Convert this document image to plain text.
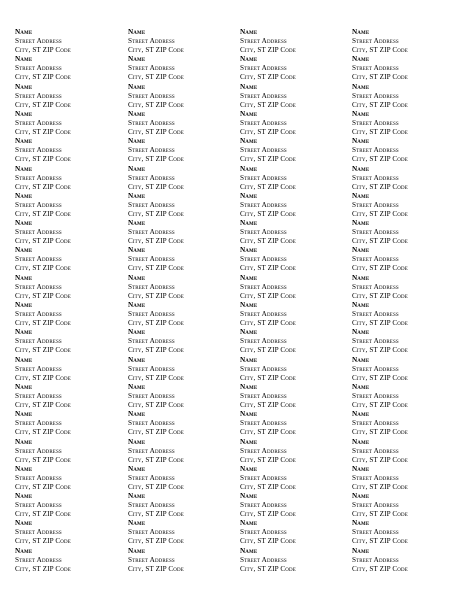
Name
Street Address
City, ST ZIP Code
Name
Street Address
City, ST ZIP Code
Name
Street Address
City, ST ZIP Code
Name
Street Address
City, ST ZIP Code
Name
Street Address
City, ST ZIP Code
Name
Street Address
City, ST ZIP Code
Name
Street Address
City, ST ZIP Code
Name
Street Address
City, ST ZIP Code
Name
Street Address
City, ST ZIP Code
Name
Street Address
City, ST ZIP Code
Name
Street Address
City, ST ZIP Code
Name
Street Address
City, ST ZIP Code
Name
Street Address
City, ST ZIP Code
Name
Street Address
City, ST ZIP Code
Name
Street Address
City, ST ZIP Code
Name
Street Address
City, ST ZIP Code
Name
Street Address
City, ST ZIP Code
Name
Street Address
City, ST ZIP Code
Name
Street Address
City, ST ZIP Code
Name
Street Address
City, ST ZIP Code
Name
Street Address
City, ST ZIP Code
Name
Street Address
City, ST ZIP Code
Name
Street Address
City, ST ZIP Code
Name
Street Address
City, ST ZIP Code
Name
Street Address
City, ST ZIP Code
Name
Street Address
City, ST ZIP Code
Name
Street Address
City, ST ZIP Code
Name
Street Address
City, ST ZIP Code
Name
Street Address
City, ST ZIP Code
Name
Street Address
City, ST ZIP Code
Name
Street Address
City, ST ZIP Code
Name
Street Address
City, ST ZIP Code
Name
Street Address
City, ST ZIP Code
Name
Street Address
City, ST ZIP Code
Name
Street Address
City, ST ZIP Code
Name
Street Address
City, ST ZIP Code
Name
Street Address
City, ST ZIP Code
Name
Street Address
City, ST ZIP Code
Name
Street Address
City, ST ZIP Code
Name
Street Address
City, ST ZIP Code
Name
Street Address
City, ST ZIP Code
Name
Street Address
City, ST ZIP Code
Name
Street Address
City, ST ZIP Code
Name
Street Address
City, ST ZIP Code
Name
Street Address
City, ST ZIP Code
Name
Street Address
City, ST ZIP Code
Name
Street Address
City, ST ZIP Code
Name
Street Address
City, ST ZIP Code
Name
Street Address
City, ST ZIP Code
Name
Street Address
City, ST ZIP Code
Name
Street Address
City, ST ZIP Code
Name
Street Address
City, ST ZIP Code
Name
Street Address
City, ST ZIP Code
Name
Street Address
City, ST ZIP Code
Name
Street Address
City, ST ZIP Code
Name
Street Address
City, ST ZIP Code
Name
Street Address
City, ST ZIP Code
Name
Street Address
City, ST ZIP Code
Name
Street Address
City, ST ZIP Code
Name
Street Address
City, ST ZIP Code
Name
Street Address
City, ST ZIP Code
Name
Street Address
City, ST ZIP Code
Name
Street Address
City, ST ZIP Code
Name
Street Address
City, ST ZIP Code
Name
Street Address
City, ST ZIP Code
Name
Street Address
City, ST ZIP Code
Name
Street Address
City, ST ZIP Code
Name
Street Address
City, ST ZIP Code
Name
Street Address
City, ST ZIP Code
Name
Street Address
City, ST ZIP Code
Name
Street Address
City, ST ZIP Code
Name
Street Address
City, ST ZIP Code
Name
Street Address
City, ST ZIP Code
Name
Street Address
City, ST ZIP Code
Name
Street Address
City, ST ZIP Code
Name
Street Address
City, ST ZIP Code
Name
Street Address
City, ST ZIP Code
Name
Street Address
City, ST ZIP Code
Name
Street Address
City, ST ZIP Code
Name
Street Address
City, ST ZIP Code
